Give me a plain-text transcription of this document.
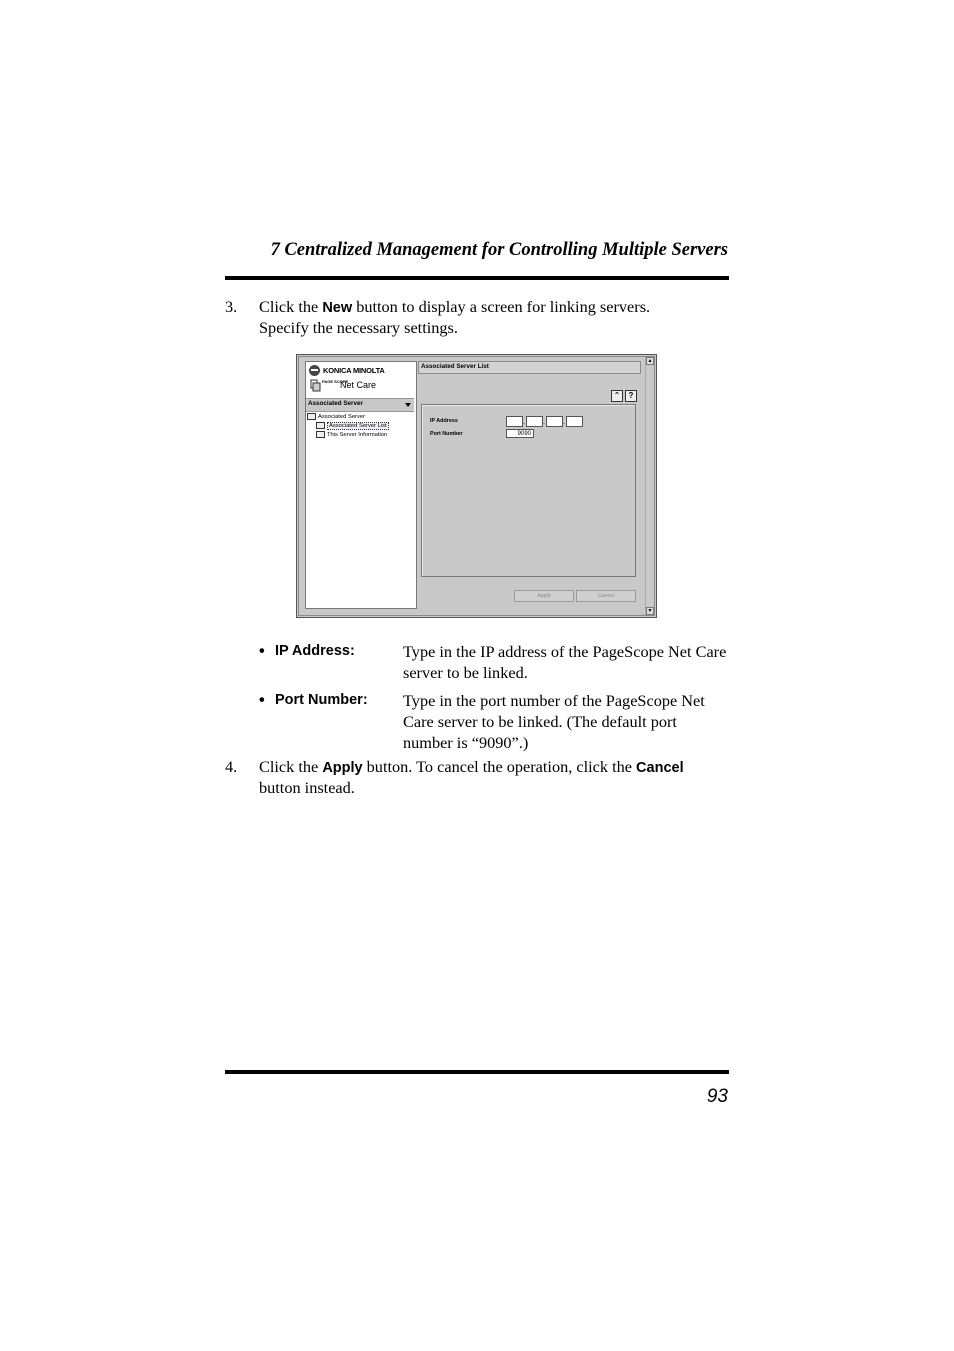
7 Centralized Management for Controlling Multiple Servers
3.	Click the New button to display a screen for linking servers.
Specify the necessary settings.
KONICA MINOLTA
PAGE SCOPE
Net Care
Associated Server
Associated Server
Associated Server List
This Server Information
Associated Server List
⌃	?
IP Address	.	.	.
Port Number	9090
Apply	Cancel
▴
▾
• IP Address:	Type in the IP address of the PageScope Net Care server to be linked.
• Port Number: Type in the port number of the PageScope Net Care server to be linked. (The default port number is “9090”.)
4.	Click the Apply button. To cancel the operation, click the Cancel
button instead.
93
